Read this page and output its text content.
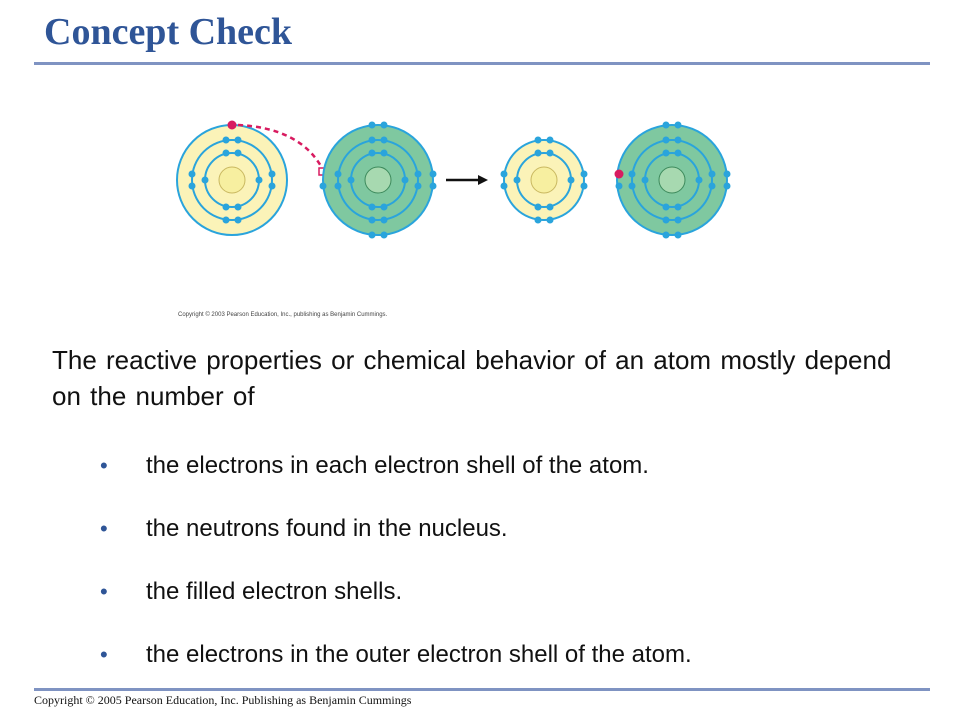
Concept Check
Copyright © 2003 Pearson Education, Inc., publishing as Benjamin Cummings.

The reactive properties or chemical behavior of an atom mostly depend on the number of

• the electrons in each electron shell of the atom.
• the neutrons found in the nucleus.
• the filled electron shells.
• the electrons in the outer electron shell of the atom.
Copyright © 2005 Pearson Education, Inc. Publishing as Benjamin Cummings
